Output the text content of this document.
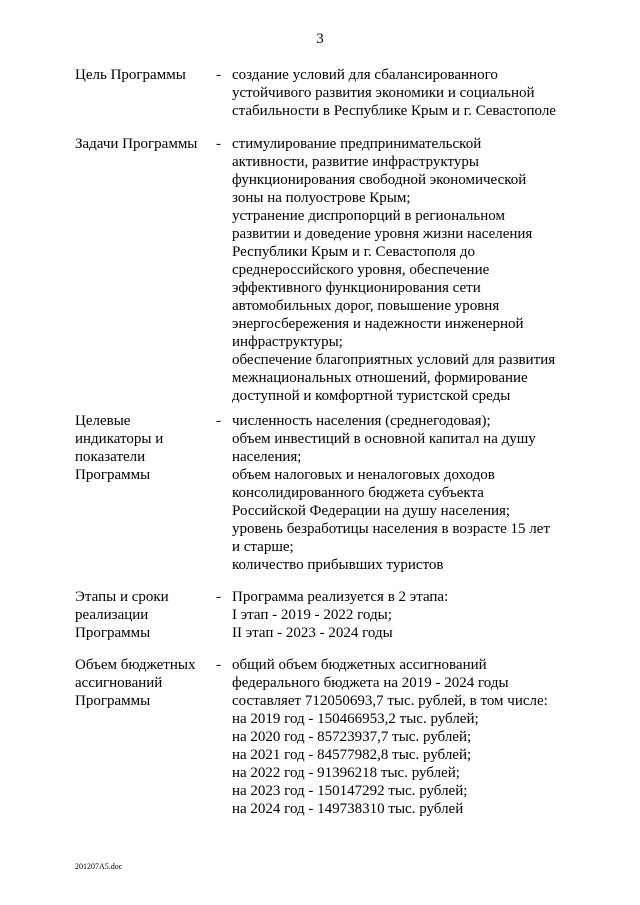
3
Цель Программы	- создание условий для сбалансированного
устойчивого развития экономики и социальной
стабильности в Республике Крым и г. Севастополе
Задачи Программы	- стимулирование предпринимательской
активности, развитие инфраструктуры
функционирования свободной экономической
зоны на полуострове Крым;
устранение диспропорций в региональном
развитии и доведение уровня жизни населения
Республики Крым и г. Севастополя до
среднероссийского уровня, обеспечение
эффективного функционирования сети
автомобильных дорог, повышение уровня
энергосбережения и надежности инженерной
инфраструктуры;
обеспечение благоприятных условий для развития
межнациональных отношений, формирование
доступной и комфортной туристской среды
Целевые
индикаторы и
показатели
Программы
- численность населения (среднегодовая);
объем инвестиций в основной капитал на душу
населения;
объем налоговых и неналоговых доходов
консолидированного бюджета субъекта
Российской Федерации на душу населения;
уровень безработицы населения в возрасте 15 лет
и старше;
количество прибывших туристов
Этапы и сроки
реализации
Программы
- Программа реализуется в 2 этапа:
I этап - 2019 - 2022 годы;
II этап - 2023 - 2024 годы
Объем бюджетных
ассигнований
Программы
- общий объем бюджетных ассигнований
федерального бюджета на 2019 - 2024 годы
составляет 712050693,7 тыс. рублей, в том числе:
на 2019 год - 150466953,2 тыс. рублей;
на 2020 год - 85723937,7 тыс. рублей;
на 2021 год - 84577982,8 тыс. рублей;
на 2022 год - 91396218 тыс. рублей;
на 2023 год - 150147292 тыс. рублей;
на 2024 год - 149738310 тыс. рублей
201207A5.doc
